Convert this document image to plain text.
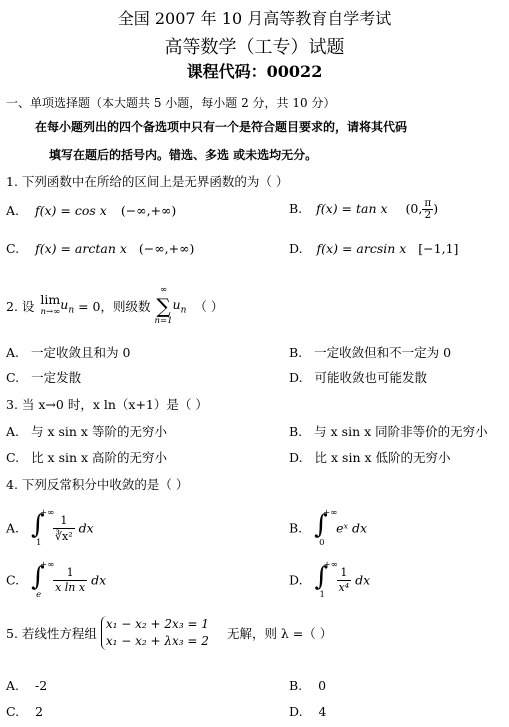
全国 2007 年 10 月高等教育自学考试
高等数学（工专）试题
课程代码：00022
一、单项选择题（本大题共 5 小题，每小题 2 分，共 10 分）
在每小题列出的四个备选项中只有一个是符合题目要求的，请将其代码
填写在题后的括号内。错选、多选 或未选均无分。
1. 下列函数中在所给的区间上是无界函数的为（ ）
A. f(x) = cos x (−∞,+∞)	B. f(x) = tan x (0, $\frac{\pi}{2}$ )
C. f(x) = arctan x (−∞,+∞)	D. f(x) = arcsin x [−1,1]
2. 设 lim
n→∞
$u_n = 0$，则级数
∞
∑
n=1
$u_n$ （ ）
A. 一定收敛且和为 0	B. 一定收敛但和不一定为 0
C. 一定发散	D. 可能收敛也可能发散
3. 当 x→0 时，x ln（x+1）是（ ）
A. 与 x sin x 等阶的无穷小	B. 与 x sin x 同阶非等价的无穷小
C. 比 x sin x 高阶的无穷小	D. 比 x sin x 低阶的无穷小
4. 下列反常积分中收敛的是（ ）
A. ∫
+∞
$1 \frac{1}{\text{∛x²}}$ dx	B. ∫
+∞
0
eˣ dx
C. ∫
+∞
e
$\frac{1}{\text{x ln x}}$ dx	D. ∫
+∞
1
$\frac{1}{\text{x⁴}}$ dx
5. 若线性方程组
x₁ − x₂ + 2x₃ = 1
x₁ − x₂ + λx₃ = 2 无解，则 λ =（ ）
A. -2	B. 0
C. 2	D. 4
